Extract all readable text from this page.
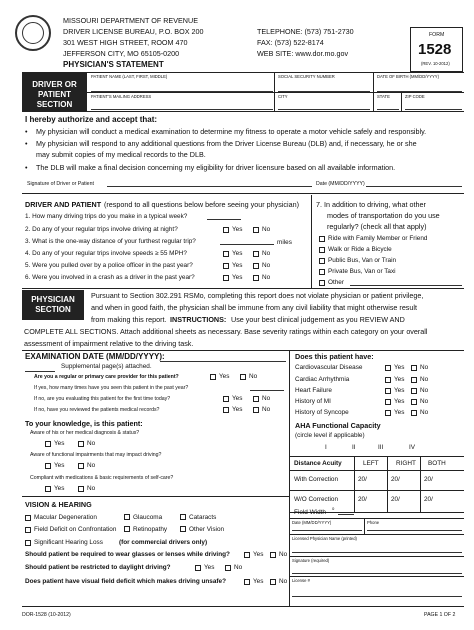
MISSOURI DEPARTMENT OF REVENUE
DRIVER LICENSE BUREAU, P.O. BOX 200
301 WEST HIGH STREET, ROOM 470
JEFFERSON CITY, MO 65105-0200
PHYSICIAN'S STATEMENT
TELEPHONE: (573) 751-2730
FAX: (573) 522-8174
WEB SITE: www.dor.mo.gov
FORM
1528
(REV. 10-2012)
DRIVER OR PATIENT SECTION
PATIENT NAME (LAST, FIRST, MIDDLE)	SOCIAL SECURITY NUMBER	DATE OF BIRTH (MM/DD/YYYY)
PATIENT'S MAILING ADDRESS	CITY	STATE	ZIP CODE
I hereby authorize and accept that:
• My physician will conduct a medical examination to determine my fitness to operate a motor vehicle safely and responsibly.
• My physician will respond to any additional questions from the Driver License Bureau (DLB) and, if necessary, he or she
may submit copies of my medical records to the DLB.
• The DLB will make a final decision concerning my eligibility for driver licensure based on all available information.
Signature of Driver or Patient	Date (MM/DD/YYYY)
DRIVER AND PATIENT (respond to all questions below before seeing your physician)
1. How many driving trips do you make in a typical week?
2. Do any of your regular trips involve driving at night?	Yes	No
3. What is the one-way distance of your furthest regular trip?	miles
4. Do any of your regular trips involve speeds ≥ 55 MPH?	Yes	No
5. Were you pulled over by a police officer in the past year?	Yes	No
6. Were you involved in a crash as a driver in the past year?	Yes	No
7. In addition to driving, what other
modes of transportation do you use
regularly? (check all that apply)
Ride with Family Member or Friend
Walk or Ride a Bicycle
Public Bus, Van or Train
Private Bus, Van or Taxi
Other
PHYSICIAN SECTION
Pursuant to Section 302.291 RSMo, completing this report does not violate physician or patient privilege,
and when in good faith, the physician shall be immune from any civil liability that might otherwise result
from making this report. INSTRUCTIONS: Use your best clinical judgement as you REVIEW AND
COMPLETE ALL SECTIONS. Attach additional sheets as necessary. Base severity ratings within each category on your overall
assessment of impairment relative to the driving task.
EXAMINATION DATE (MM/DD/YYYY):
Supplemental page(s) attached.
Are you a regular or primary care provider for this patient?	Yes	No
If yes, how many times have you seen this patient in the past year?
If no, are you evaluating this patient for the first time today?	Yes	No
If no, have you reviewed the patients medical records?	Yes	No
To your knowledge, is this patient:
Aware of his or her medical diagnosis & status?
Yes	No
Aware of functional impairments that may impact driving?
Yes	No
Compliant with medications & basic requirements of self-care?
Yes	No
VISION & HEARING
Macular Degeneration	Glaucoma	Cataracts
Field Deficit on Confrontation	Retinopathy	Other Vision
Significant Hearing Loss	(for commercial drivers only)
Should patient be required to wear glasses or lenses while driving?	Yes No
Should patient be restricted to daylight driving?	Yes	No
Does patient have visual field deficit which makes driving unsafe?	Yes No
Does this patient have:
Cardiovascular Disease	Yes No
Cardiac Arrhythmia	Yes No
Heart Failure	Yes No
History of MI	Yes No
History of Syncope	Yes No
AHA Functional Capacity
(circle level if applicable)
I	II	III	IV
Distance Acuity	LEFT	RIGHT BOTH
With Correction	20/	20/	20/
W/O Correction	20/	20/	20/
Field Width
o
Date (MM/DD/YYYY)	Phone
Licensed Physician Name (printed)
Signature (required)
License #
DOR-1528 (10-2012)	PAGE 1 OF 2
